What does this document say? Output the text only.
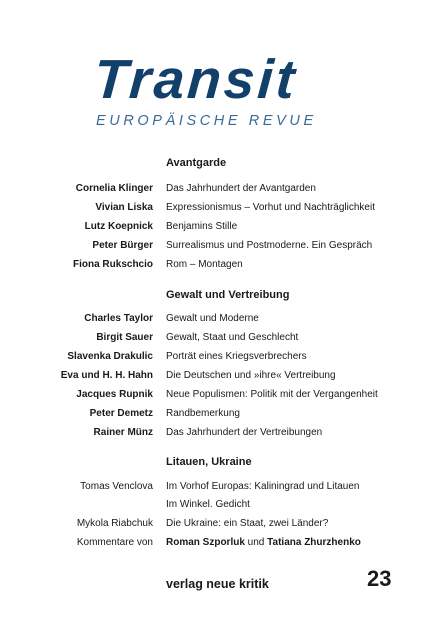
Transit
EUROPÄISCHE REVUE
Avantgarde
Cornelia Klinger Das Jahrhundert der Avantgarden
Vivian Liska Expressionismus – Vorhut und Nachträglichkeit
Lutz Koepnick Benjamins Stille
Peter Bürger Surrealismus und Postmoderne. Ein Gespräch
Fiona Rukschcio Rom – Montagen
Gewalt und Vertreibung
Charles Taylor Gewalt und Moderne
Birgit Sauer Gewalt, Staat und Geschlecht
Slavenka Drakulic Porträt eines Kriegsverbrechers
Eva und H. H. Hahn Die Deutschen und »ihre« Vertreibung
Jacques Rupnik Neue Populismen: Politik mit der Vergangenheit
Peter Demetz Randbemerkung
Rainer Münz Das Jahrhundert der Vertreibungen
Litauen, Ukraine
Tomas Venclova Im Vorhof Europas: Kaliningrad und Litauen
Im Winkel. Gedicht
Mykola Riabchuk Die Ukraine: ein Staat, zwei Länder?
Kommentare von Roman Szporluk und Tatiana Zhurzhenko
verlag neue kritik	23
